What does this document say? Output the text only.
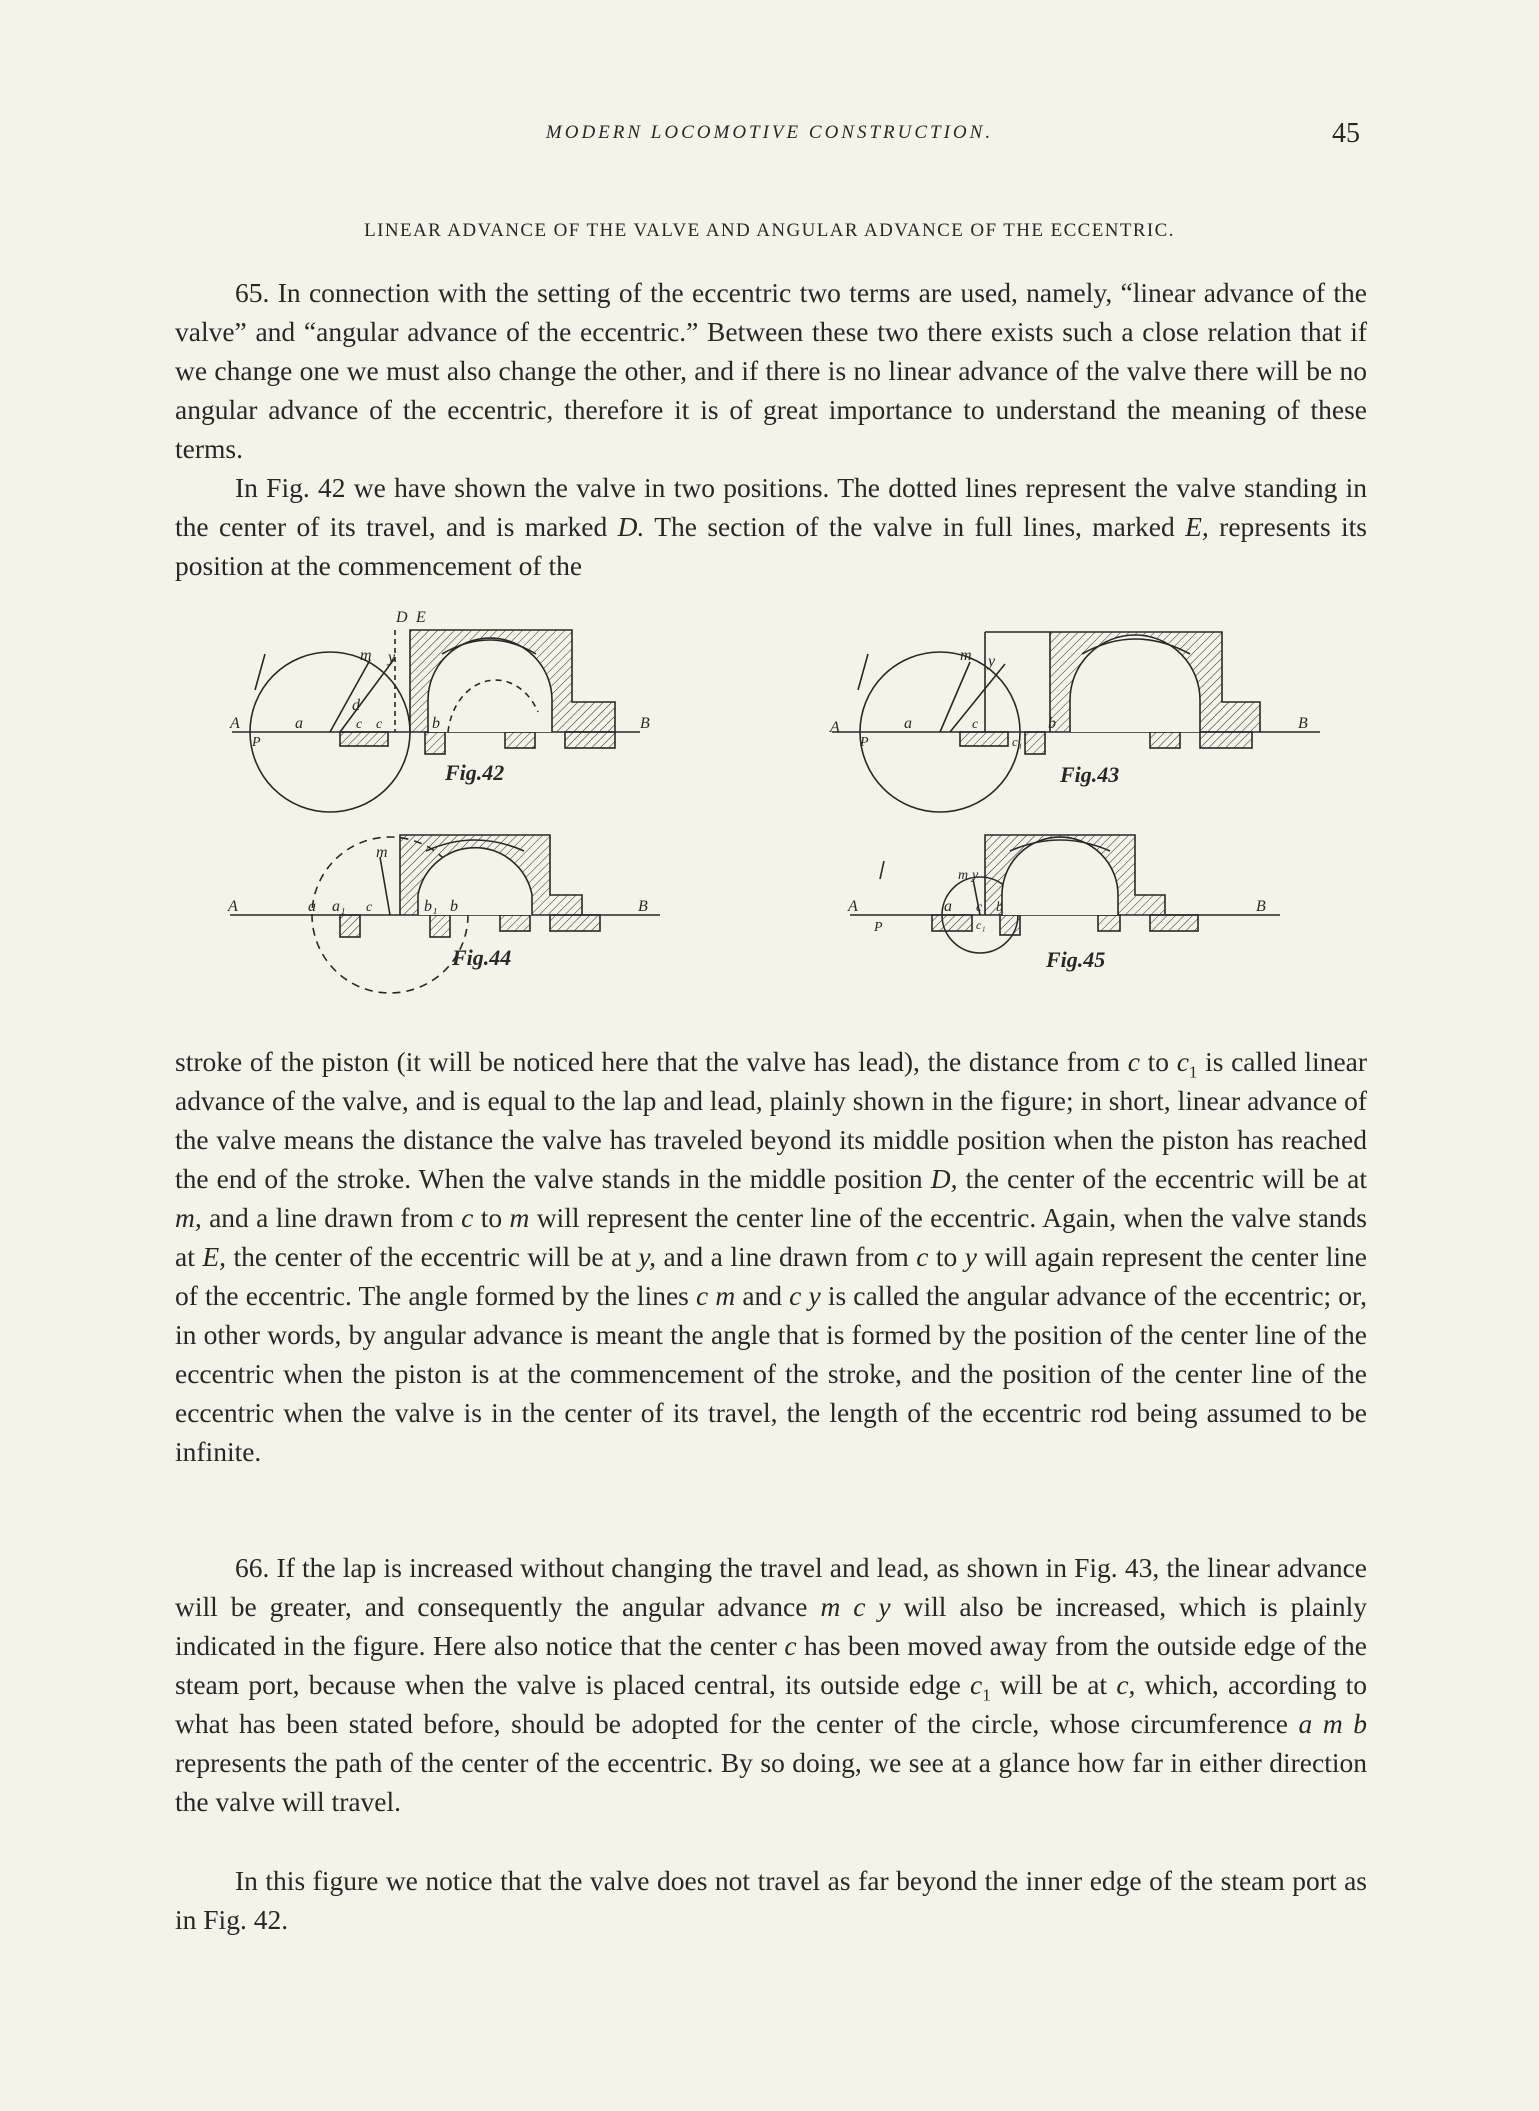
MODERN LOCOMOTIVE CONSTRUCTION.	45
LINEAR ADVANCE OF THE VALVE AND ANGULAR ADVANCE OF THE ECCENTRIC.

65. In connection with the setting of the eccentric two terms are used, namely, “linear advance of the valve” and “angular advance of the eccentric.” Between these two there exists such a close relation that if we change one we must also change the other, and if there is no linear advance of the valve there will be no angular advance of the eccentric, therefore it is of great importance to understand the meaning of these terms.

In Fig. 42 we have shown the valve in two positions. The dotted lines represent the valve standing in the center of its travel, and is marked D. The section of the valve in full lines, marked E, represents its position at the commencement of the

D E
m y
d
c c	b
a
A	B
P
Fig.42
m y
c
c₁
b
a
A	B
P
Fig.43
m
a a₁ c	b₁ b
A	B
Fig.44
m y
a c
c₁
b
A	B
P
Fig.45

stroke of the piston (it will be noticed here that the valve has lead), the distance from c to $c_1$ is called linear advance of the valve, and is equal to the lap and lead, plainly shown in the figure; in short, linear advance of the valve means the distance the valve has traveled beyond its middle position when the piston has reached the end of the stroke. When the valve stands in the middle position D, the center of the eccentric will be at m, and a line drawn from c to m will represent the center line of the eccentric. Again, when the valve stands at E, the center of the eccentric will be at y, and a line drawn from c to y will again represent the center line of the eccentric. The angle formed by the lines c m and c y is called the angular advance of the eccentric; or, in other words, by angular advance is meant the angle that is formed by the position of the center line of the eccentric when the piston is at the commencement of the stroke, and the position of the center line of the eccentric when the valve is in the center of its travel, the length of the eccentric rod being assumed to be infinite.

66. If the lap is increased without changing the travel and lead, as shown in Fig. 43, the linear advance will be greater, and consequently the angular advance m c y will also be increased, which is plainly indicated in the figure. Here also notice that the center c has been moved away from the outside edge of the steam port, because when the valve is placed central, its outside edge $c_1$ will be at c, which, according to what has been stated before, should be adopted for the center of the circle, whose circumference a m b represents the path of the center of the eccentric. By so doing, we see at a glance how far in either direction the valve will travel.

In this figure we notice that the valve does not travel as far beyond the inner edge of the steam port as in Fig. 42.
